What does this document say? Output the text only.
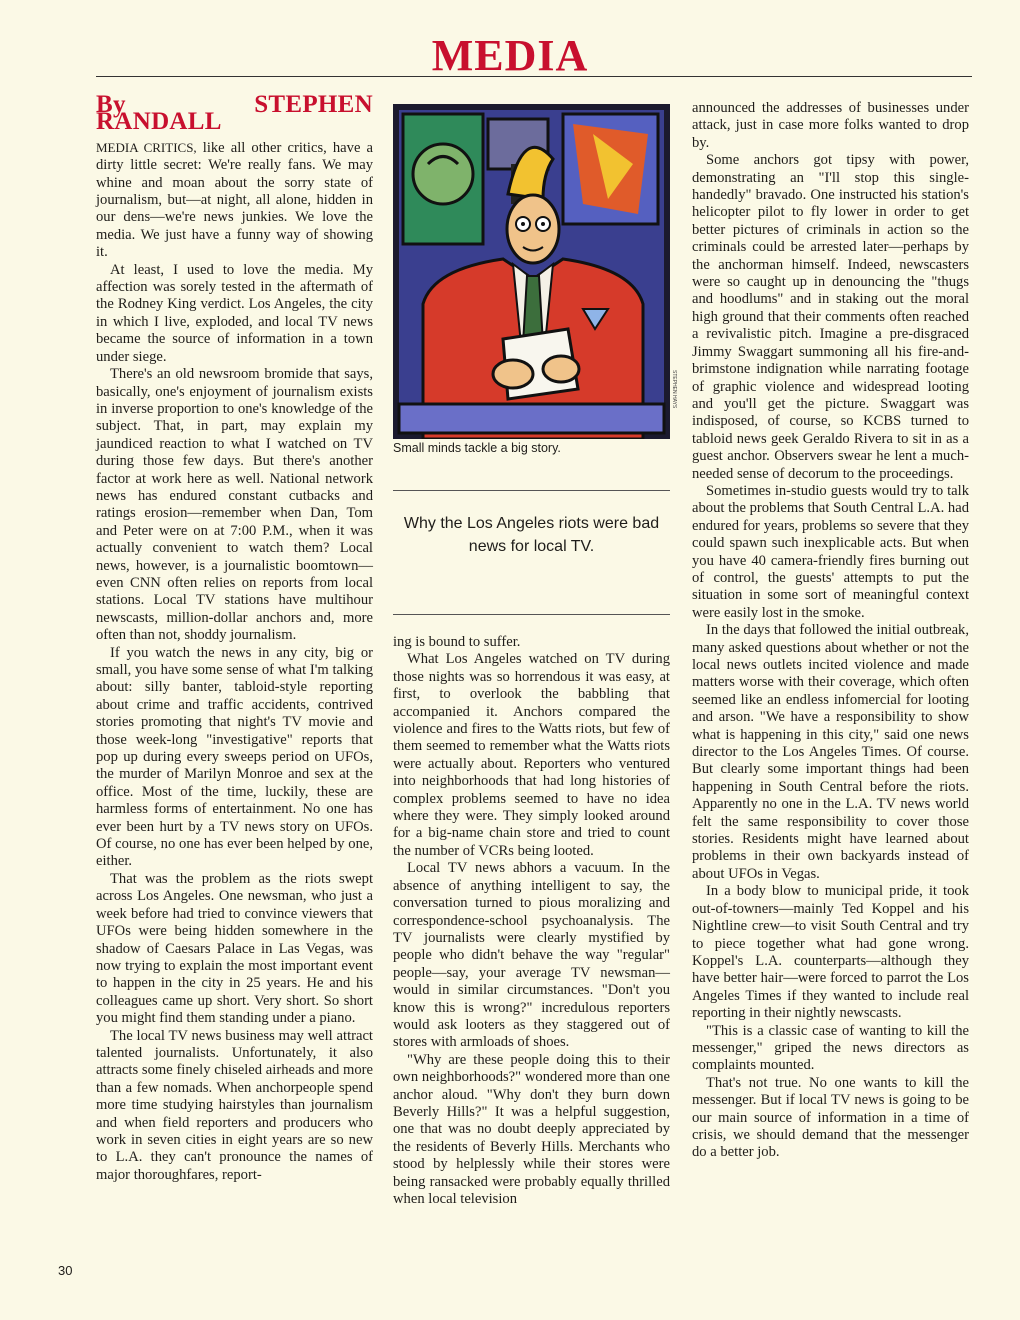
MEDIA
By STEPHEN RANDALL

MEDIA CRITICS, like all other critics, have a dirty little secret: We're really fans. We may whine and moan about the sorry state of journalism, but—at night, all alone, hidden in our dens—we're news junkies. We love the media. We just have a funny way of showing it.

At least, I used to love the media. My affection was sorely tested in the aftermath of the Rodney King verdict. Los Angeles, the city in which I live, exploded, and local TV news became the source of information in a town under siege.

There's an old newsroom bromide that says, basically, one's enjoyment of journalism exists in inverse proportion to one's knowledge of the subject. That, in part, may explain my jaundiced reaction to what I watched on TV during those few days. But there's another factor at work here as well. National network news has endured constant cutbacks and ratings erosion—remember when Dan, Tom and Peter were on at 7:00 P.M., when it was actually convenient to watch them? Local news, however, is a journalistic boomtown—even CNN often relies on reports from local stations. Local TV stations have multihour newscasts, million-dollar anchors and, more often than not, shoddy journalism.

If you watch the news in any city, big or small, you have some sense of what I'm talking about: silly banter, tabloid-style reporting about crime and traffic accidents, contrived stories promoting that night's TV movie and those week-long "investigative" reports that pop up during every sweeps period on UFOs, the murder of Marilyn Monroe and sex at the office. Most of the time, luckily, these are harmless forms of entertainment. No one has ever been hurt by a TV news story on UFOs. Of course, no one has ever been helped by one, either.

That was the problem as the riots swept across Los Angeles. One newsman, who just a week before had tried to convince viewers that UFOs were being hidden somewhere in the shadow of Caesars Palace in Las Vegas, was now trying to explain the most important event to happen in the city in 25 years. He and his colleagues came up short. Very short. So short you might find them standing under a piano.

The local TV news business may well attract talented journalists. Unfortunately, it also attracts some finely chiseled airheads and more than a few nomads. When anchorpeople spend more time studying hairstyles than journalism and when field reporters and producers who work in seven cities in eight years are so new to L.A. they can't pronounce the names of major thoroughfares, report-

STEPHEN HAYS
Small minds tackle a big story.
Why the Los Angeles riots were bad news for local TV.

ing is bound to suffer.

What Los Angeles watched on TV during those nights was so horrendous it was easy, at first, to overlook the babbling that accompanied it. Anchors compared the violence and fires to the Watts riots, but few of them seemed to remember what the Watts riots were actually about. Reporters who ventured into neighborhoods that had long histories of complex problems seemed to have no idea where they were. They simply looked around for a big-name chain store and tried to count the number of VCRs being looted.

Local TV news abhors a vacuum. In the absence of anything intelligent to say, the conversation turned to pious moralizing and correspondence-school psychoanalysis. The TV journalists were clearly mystified by people who didn't behave the way "regular" people—say, your average TV newsman—would in similar circumstances. "Don't you know this is wrong?" incredulous reporters would ask looters as they staggered out of stores with armloads of shoes.

"Why are these people doing this to their own neighborhoods?" wondered more than one anchor aloud. "Why don't they burn down Beverly Hills?" It was a helpful suggestion, one that was no doubt deeply appreciated by the residents of Beverly Hills. Merchants who stood by helplessly while their stores were being ransacked were probably equally thrilled when local television

announced the addresses of businesses under attack, just in case more folks wanted to drop by.

Some anchors got tipsy with power, demonstrating an "I'll stop this single-handedly" bravado. One instructed his station's helicopter pilot to fly lower in order to get better pictures of criminals in action so the criminals could be arrested later—perhaps by the anchorman himself. Indeed, newscasters were so caught up in denouncing the "thugs and hoodlums" and in staking out the moral high ground that their comments often reached a revivalistic pitch. Imagine a pre-disgraced Jimmy Swaggart summoning all his fire-and-brimstone indignation while narrating footage of graphic violence and widespread looting and you'll get the picture. Swaggart was indisposed, of course, so KCBS turned to tabloid news geek Geraldo Rivera to sit in as a guest anchor. Observers swear he lent a much-needed sense of decorum to the proceedings.

Sometimes in-studio guests would try to talk about the problems that South Central L.A. had endured for years, problems so severe that they could spawn such inexplicable acts. But when you have 40 camera-friendly fires burning out of control, the guests' attempts to put the situation in some sort of meaningful context were easily lost in the smoke.

In the days that followed the initial outbreak, many asked questions about whether or not the local news outlets incited violence and made matters worse with their coverage, which often seemed like an endless infomercial for looting and arson. "We have a responsibility to show what is happening in this city," said one news director to the Los Angeles Times. Of course. But clearly some important things had been happening in South Central before the riots. Apparently no one in the L.A. TV news world felt the same responsibility to cover those stories. Residents might have learned about problems in their own backyards instead of about UFOs in Vegas.

In a body blow to municipal pride, it took out-of-towners—mainly Ted Koppel and his Nightline crew—to visit South Central and try to piece together what had gone wrong. Koppel's L.A. counterparts—although they have better hair—were forced to parrot the Los Angeles Times if they wanted to include real reporting in their nightly newscasts.

"This is a classic case of wanting to kill the messenger," griped the news directors as complaints mounted.

That's not true. No one wants to kill the messenger. But if local TV news is going to be our main source of information in a time of crisis, we should demand that the messenger do a better job.

30
